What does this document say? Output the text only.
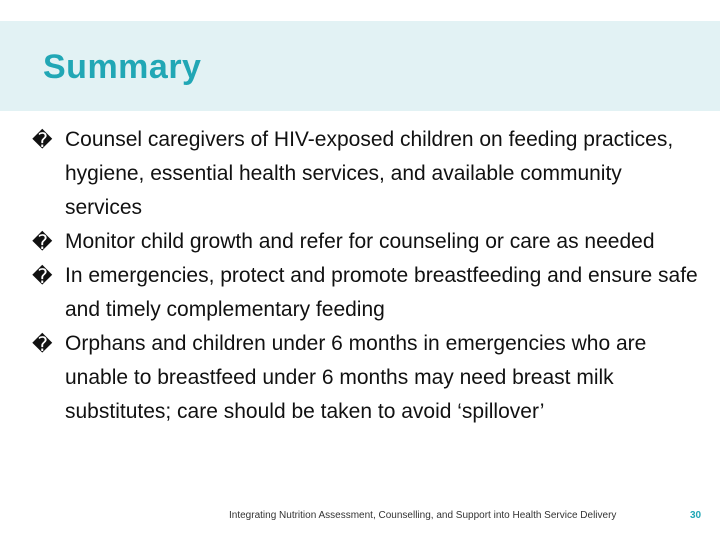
Summary
� Counsel caregivers of HIV-exposed children on feeding practices, hygiene, essential health services, and available community services
� Monitor child growth and refer for counseling or care as needed
� In emergencies, protect and promote breastfeeding and ensure safe and timely complementary feeding
� Orphans and children under 6 months in emergencies who are unable to breastfeed under 6 months may need breast milk substitutes; care should be taken to avoid ‘spillover’
Integrating Nutrition Assessment, Counselling, and Support into Health Service Delivery	30
